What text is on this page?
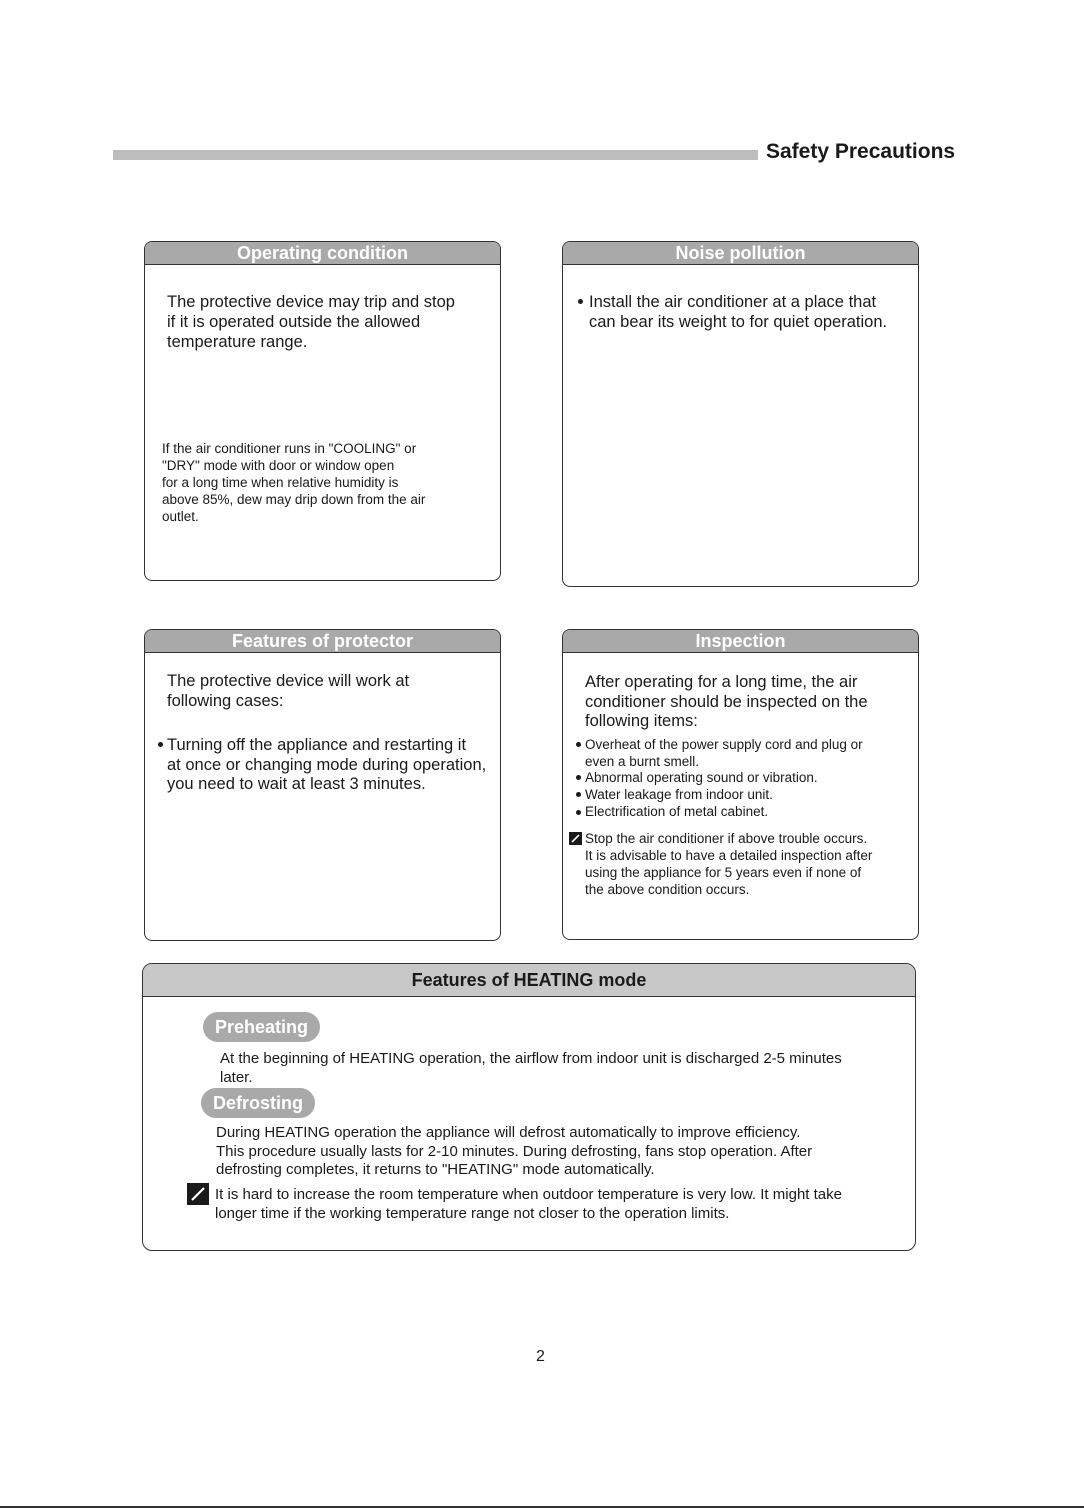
Safety Precautions
Operating condition
The protective device may trip and stop
if it is operated outside the allowed
temperature range.
If the air conditioner runs in "COOLING" or
"DRY" mode with door or window open
for a long time when relative humidity is
above 85%, dew may drip down from the air
outlet.
Noise pollution
Install the air conditioner at a place that
can bear its weight to for quiet operation.
Features of protector
The protective device will work at
following cases:
Turning off the appliance and restarting it
at once or changing mode during operation,
you need to wait at least 3 minutes.
Inspection
After operating for a long time, the air
conditioner should be inspected on the
following items:
Overheat of the power supply cord and plug or
even a burnt smell.
Abnormal operating sound or vibration.
Water leakage from indoor unit.
Electrification of metal cabinet.
Stop the air conditioner if above trouble occurs.
It is advisable to have a detailed inspection after
using the appliance for 5 years even if none of
the above condition occurs.
Features of HEATING mode
Preheating
At the beginning of HEATING operation, the airflow from indoor unit is discharged 2-5 minutes
later.
Defrosting
During HEATING operation the appliance will defrost automatically to improve efficiency.
This procedure usually lasts for 2-10 minutes. During defrosting, fans stop operation. After
defrosting completes, it returns to "HEATING" mode automatically.
It is hard to increase the room temperature when outdoor temperature is very low. It might take
longer time if the working temperature range not closer to the operation limits.
2
